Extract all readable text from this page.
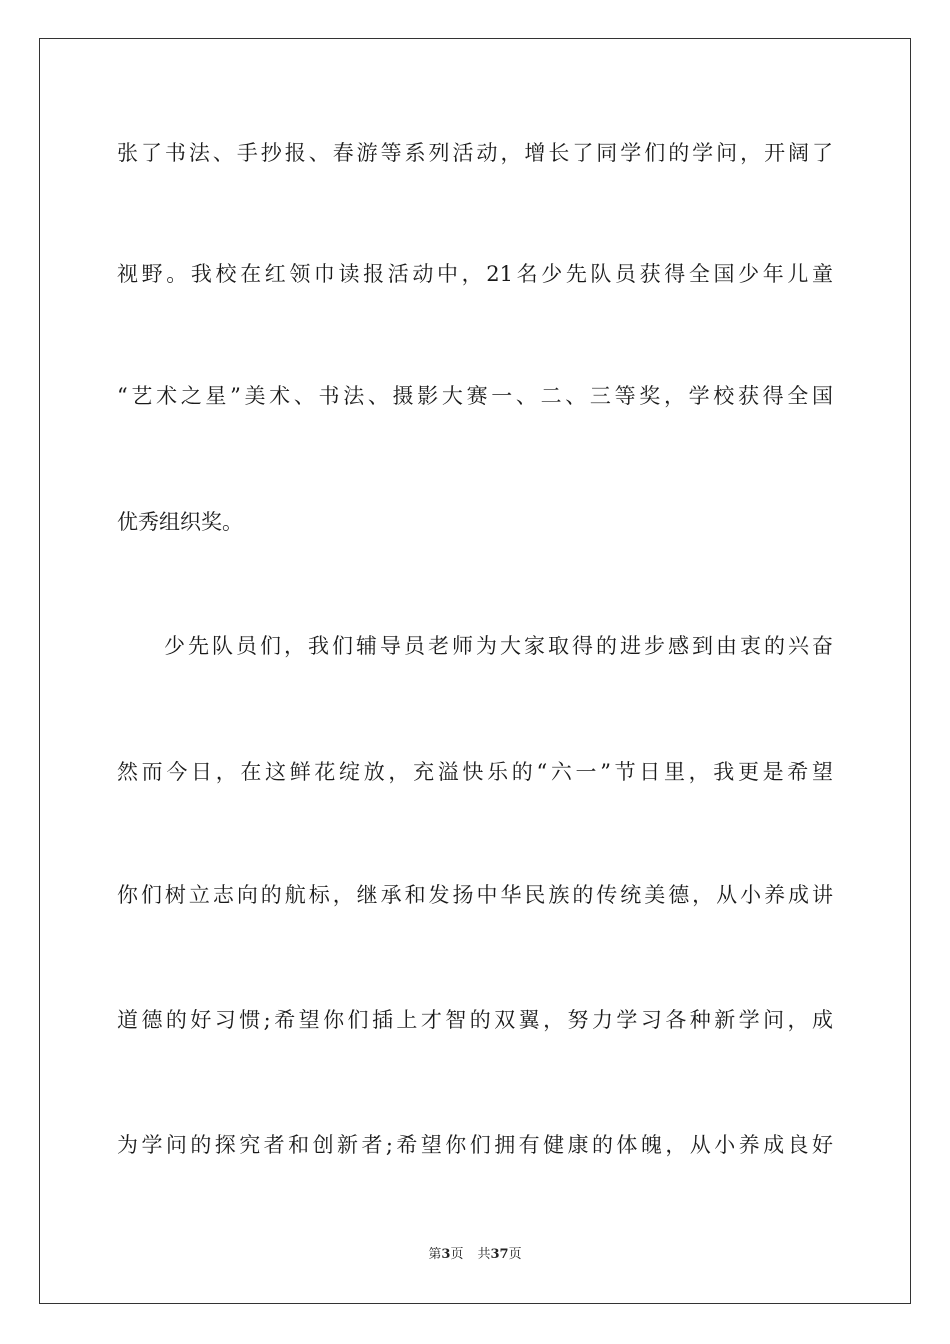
张了书法、手抄报、春游等系列活动，增长了同学们的学问，开阔了
视野。我校在红领巾读报活动中，21名少先队员获得全国少年儿童
“艺术之星”美术、书法、摄影大赛一、二、三等奖，学校获得全国
优秀组织奖。
少先队员们，我们辅导员老师为大家取得的进步感到由衷的兴奋
然而今日，在这鲜花绽放，充溢快乐的“六一”节日里，我更是希望
你们树立志向的航标，继承和发扬中华民族的传统美德，从小养成讲
道德的好习惯;希望你们插上才智的双翼，努力学习各种新学问，成
为学问的探究者和创新者;希望你们拥有健康的体魄，从小养成良好
第3页 共37页
